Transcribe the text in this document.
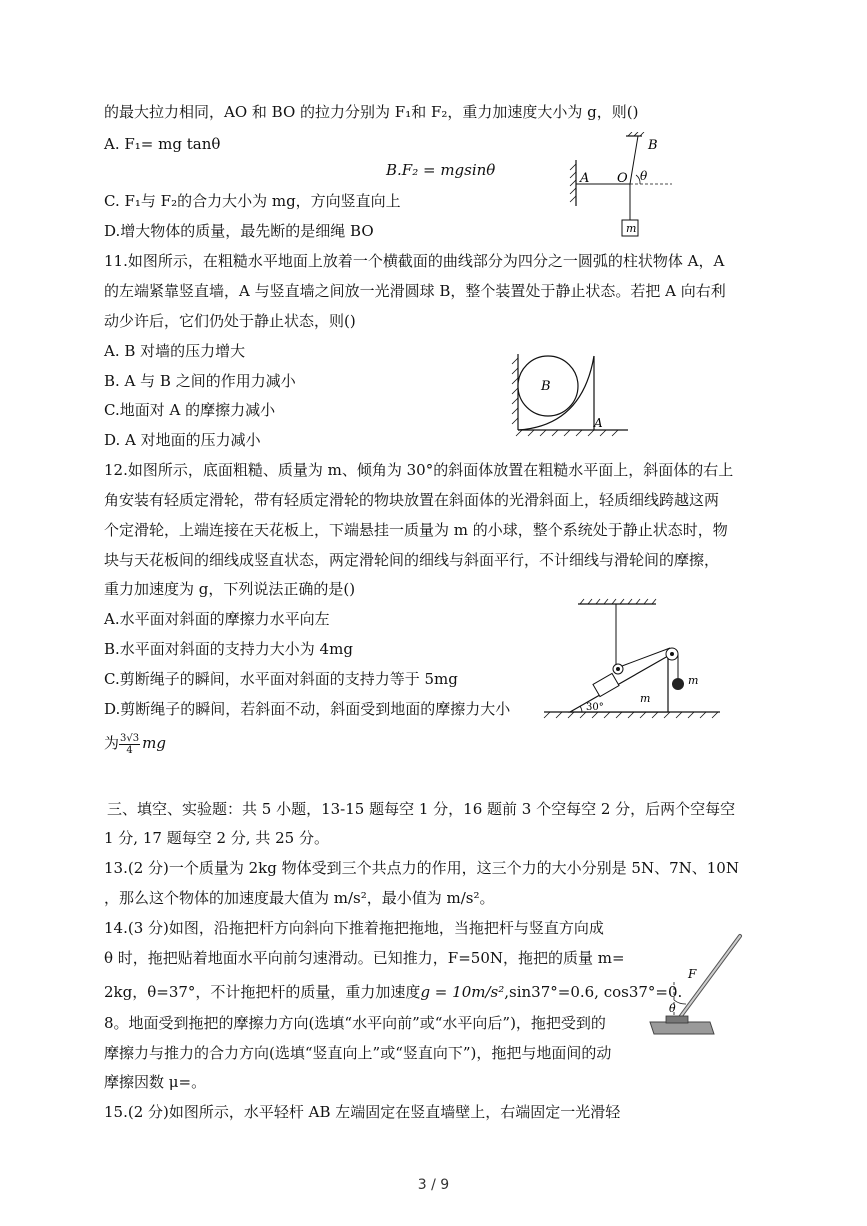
的最大拉力相同，AO 和 BO 的拉力分别为 F₁和 F₂，重力加速度大小为 g，则()
A. F₁= mg tanθ
B.F₂ = mgsinθ
C. F₁与 F₂的合力大小为 mg，方向竖直向上
D.增大物体的质量，最先断的是细绳 BO
11.如图所示，在粗糙水平地面上放着一个横截面的曲线部分为四分之一圆弧的柱状物体 A，A
的左端紧靠竖直墙，A 与竖直墙之间放一光滑圆球 B，整个装置处于静止状态。若把 A 向右利
动少许后，它们仍处于静止状态，则()
A. B 对墙的压力增大
B. A 与 B 之间的作用力减小
C.地面对 A 的摩擦力减小
D. A 对地面的压力减小
12.如图所示，底面粗糙、质量为 m、倾角为 30°的斜面体放置在粗糙水平面上，斜面体的右上
角安装有轻质定滑轮，带有轻质定滑轮的物块放置在斜面体的光滑斜面上，轻质细线跨越这两
个定滑轮，上端连接在天花板上，下端悬挂一质量为 m 的小球，整个系统处于静止状态时，物
块与天花板间的细线成竖直状态，两定滑轮间的细线与斜面平行，不计细线与滑轮间的摩擦，
重力加速度为 g，下列说法正确的是()
A.水平面对斜面的摩擦力水平向左
B.水平面对斜面的支持力大小为 4mg
C.剪断绳子的瞬间，水平面对斜面的支持力等于 5mg
D.剪断绳子的瞬间，若斜面不动，斜面受到地面的摩擦力大小
为 $\frac{3√3}{4}$ mg
三、填空、实验题：共 5 小题，13-15 题每空 1 分，16 题前 3 个空每空 2 分，后两个空每空
1 分, 17 题每空 2 分, 共 25 分。
13.(2 分)一个质量为 2kg 物体受到三个共点力的作用，这三个力的大小分别是 5N、7N、10N
，那么这个物体的加速度最大值为 m/s²，最小值为 m/s²。
14.(3 分)如图，沿拖把杆方向斜向下推着拖把拖地，当拖把杆与竖直方向成
θ 时，拖把贴着地面水平向前匀速滑动。已知推力，F=50N，拖把的质量 m=
2kg，θ=37°，不计拖把杆的质量，重力加速度g = 10m/s²,sin37°=0.6, cos37°=0.
8。地面受到拖把的摩擦力方向(选填“水平向前”或“水平向后”)，拖把受到的
摩擦力与推力的合力方向(选填“竖直向上”或“竖直向下”)，拖把与地面间的动
摩擦因数 μ=。
15.(2 分)如图所示，水平轻杆 AB 左端固定在竖直墙壁上，右端固定一光滑轻
B
A O θ
m
B
A
m
m
30°
F
θ
3 / 9
